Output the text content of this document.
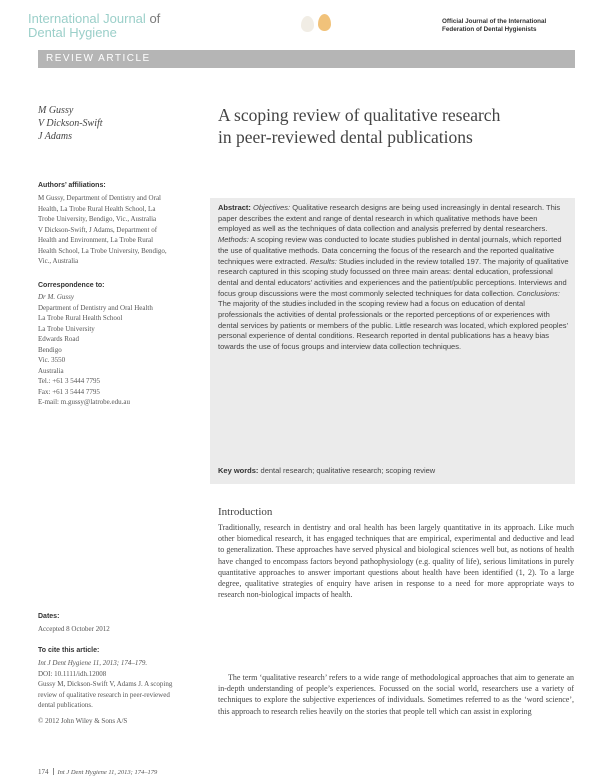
International Journal of
Dental Hygiene
Official Journal of the International
Federation of Dental Hygienists
REVIEW ARTICLE
M Gussy
V Dickson-Swift
J Adams
Authors’ affiliations:
M Gussy, Department of Dentistry and Oral
Health, La Trobe Rural Health School, La
Trobe University, Bendigo, Vic., Australia
V Dickson-Swift, J Adams, Department of
Health and Environment, La Trobe Rural
Health School, La Trobe University, Bendigo,
Vic., Australia
Correspondence to:
Dr M. Gussy
Department of Dentistry and Oral Health
La Trobe Rural Health School
La Trobe University
Edwards Road
Bendigo
Vic. 3550
Australia
Tel.: +61 3 5444 7795
Fax: +61 3 5444 7795
E-mail: m.gussy@latrobe.edu.au
Dates:
Accepted 8 October 2012
To cite this article:
Int J Dent Hygiene 11, 2013; 174–179.
DOI: 10.1111/idh.12008
Gussy M, Dickson-Swift V, Adams J. A scoping
review of qualitative research in peer-reviewed
dental publications.
© 2012 John Wiley & Sons A/S
A scoping review of qualitative research in peer-reviewed dental publications
Abstract: Objectives: Qualitative research designs are being used increasingly in dental research. This paper describes the extent and range of dental research in which qualitative methods have been employed as well as the techniques of data collection and analysis preferred by dental researchers. Methods: A scoping review was conducted to locate studies published in dental journals, which reported the use of qualitative methods. Data concerning the focus of the research and the reported qualitative techniques were extracted. Results: Studies included in the review totalled 197. The majority of qualitative research captured in this scoping study focussed on three main areas: dental education, professional dental and dental educators’ activities and experiences and the patient/public perceptions. Interviews and focus group discussions were the most commonly selected techniques for data collection. Conclusions: The majority of the studies included in the scoping review had a focus on education of dental professionals the activities of dental professionals or the reported perceptions of or experiences with dental services by patients or members of the public. Little research was located, which explored peoples’ personal experience of dental conditions. Research reported in dental publications has a heavy bias towards the use of focus groups and interview data collection techniques.
Key words: dental research; qualitative research; scoping review
Introduction
Traditionally, research in dentistry and oral health has been largely quantitative in its approach. Like much other biomedical research, it has engaged techniques that are empirical, experimental and deductive and lead to generalization. These approaches have served physical and biological sciences well but, as notions of health have changed to encompass factors beyond pathophysiology (e.g. quality of life), serious limitations in purely quantitative approaches to answer important questions about health have been identified (1, 2). To a large degree, qualitative strategies of enquiry have arisen in response to a need for more appropriate ways to research non-biological impacts of health.
The term ‘qualitative research’ refers to a wide range of methodological approaches that aim to generate an in-depth understanding of people’s experiences. Focussed on the social world, researchers use a variety of techniques to explore the subjective experiences of individuals. Sometimes referred to as the ‘word science’, this approach to research relies heavily on the stories that people tell which can assist in exploring
174 Int J Dent Hygiene 11, 2013; 174–179
